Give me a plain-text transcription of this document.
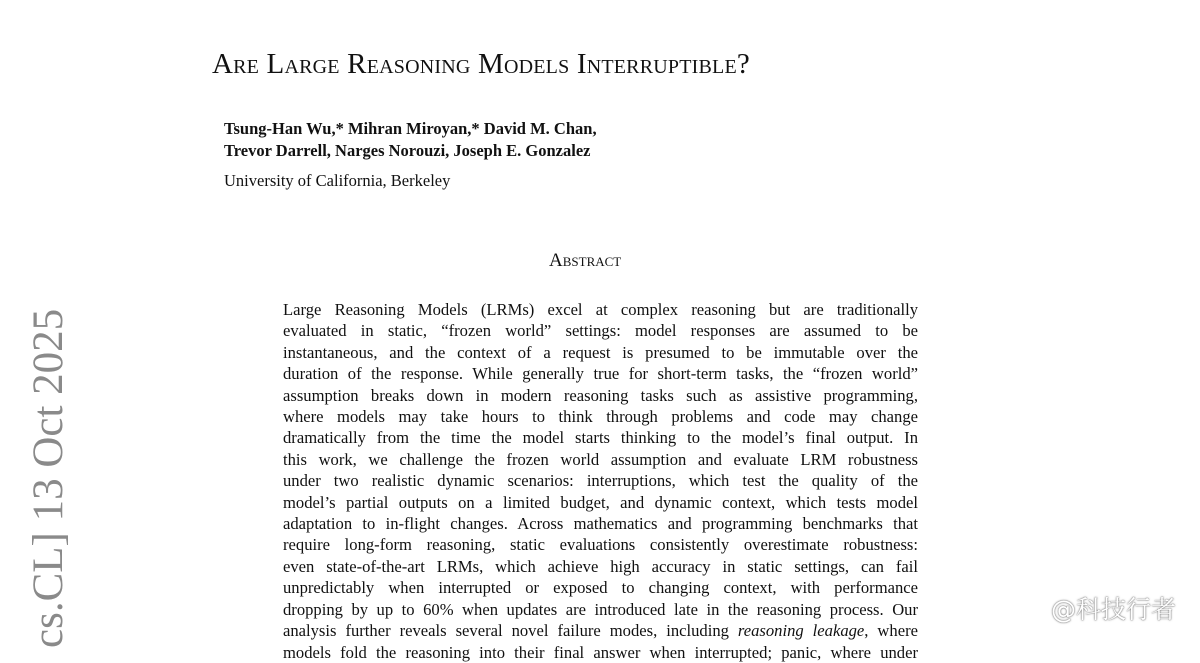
Are Large Reasoning Models Interruptible?
Tsung-Han Wu,* Mihran Miroyan,* David M. Chan,
Trevor Darrell, Narges Norouzi, Joseph E. Gonzalez
University of California, Berkeley
Abstract
Large Reasoning Models (LRMs) excel at complex reasoning but are traditionally
evaluated in static, “frozen world” settings: model responses are assumed to be
instantaneous, and the context of a request is presumed to be immutable over the
duration of the response. While generally true for short-term tasks, the “frozen world”
assumption breaks down in modern reasoning tasks such as assistive programming,
where models may take hours to think through problems and code may change
dramatically from the time the model starts thinking to the model’s final output. In
this work, we challenge the frozen world assumption and evaluate LRM robustness
under two realistic dynamic scenarios: interruptions, which test the quality of the
model’s partial outputs on a limited budget, and dynamic context, which tests model
adaptation to in-flight changes. Across mathematics and programming benchmarks that
require long-form reasoning, static evaluations consistently overestimate robustness:
even state-of-the-art LRMs, which achieve high accuracy in static settings, can fail
unpredictably when interrupted or exposed to changing context, with performance
dropping by up to 60% when updates are introduced late in the reasoning process. Our
analysis further reveals several novel failure modes, including reasoning leakage, where
models fold the reasoning into their final answer when interrupted; panic, where under
cs.CL] 13 Oct 2025	@科技行者
